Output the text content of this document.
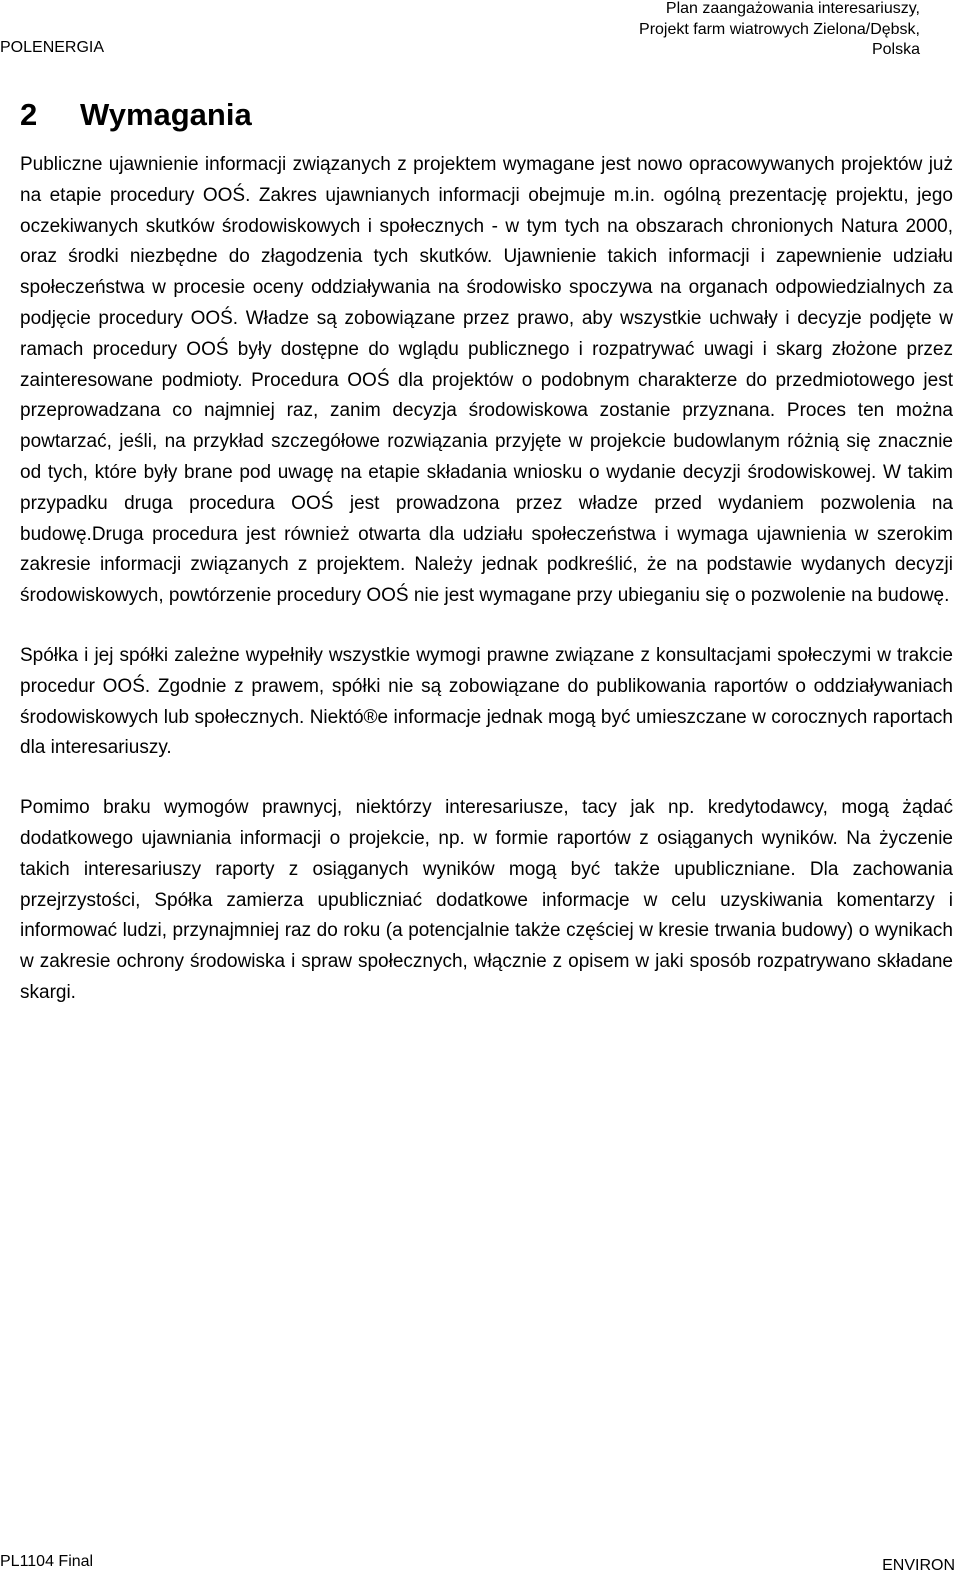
POLENERGIA
Plan zaangażowania interesariuszy,
Projekt farm wiatrowych Zielona/Dębsk,
Polska
2 Wymagania

Publiczne ujawnienie informacji związanych z projektem wymagane jest nowo opracowywanych projektów już na etapie procedury OOŚ. Zakres ujawnianych informacji obejmuje m.in. ogólną prezentację projektu, jego oczekiwanych skutków środowiskowych i społecznych - w tym tych na obszarach chronionych Natura 2000, oraz środki niezbędne do złagodzenia tych skutków. Ujawnienie takich informacji i zapewnienie udziału społeczeństwa w procesie oceny oddziaływania na środowisko spoczywa na organach odpowiedzialnych za podjęcie procedury OOŚ. Władze są zobowiązane przez prawo, aby wszystkie uchwały i decyzje podjęte w ramach procedury OOŚ były dostępne do wglądu publicznego i rozpatrywać uwagi i skarg złożone przez zainteresowane podmioty. Procedura OOŚ dla projektów o podobnym charakterze do przedmiotowego jest przeprowadzana co najmniej raz, zanim decyzja środowiskowa zostanie przyznana. Proces ten można powtarzać, jeśli, na przykład szczegółowe rozwiązania przyjęte w projekcie budowlanym różnią się znacznie od tych, które były brane pod uwagę na etapie składania wniosku o wydanie decyzji środowiskowej. W takim przypadku druga procedura OOŚ jest prowadzona przez władze przed wydaniem pozwolenia na budowę.Druga procedura jest również otwarta dla udziału społeczeństwa i wymaga ujawnienia w szerokim zakresie informacji związanych z projektem. Należy jednak podkreślić, że na podstawie wydanych decyzji środowiskowych, powtórzenie procedury OOŚ nie jest wymagane przy ubieganiu się o pozwolenie na budowę.

Spółka i jej spółki zależne wypełniły wszystkie wymogi prawne związane z konsultacjami społeczymi w trakcie procedur OOŚ. Zgodnie z prawem, spółki nie są zobowiązane do publikowania raportów o oddziaływaniach środowiskowych lub społecznych. Niektó®e informacje jednak mogą być umieszczane w corocznych raportach dla interesariuszy.

Pomimo braku wymogów prawnycj, niektórzy interesariusze, tacy jak np. kredytodawcy, mogą żądać dodatkowego ujawniania informacji o projekcie, np. w formie raportów z osiąganych wyników. Na życzenie takich interesariuszy raporty z osiąganych wyników mogą być także upubliczniane. Dla zachowania przejrzystości, Spółka zamierza upubliczniać dodatkowe informacje w celu uzyskiwania komentarzy i informować ludzi, przynajmniej raz do roku (a potencjalnie także częściej w kresie trwania budowy) o wynikach w zakresie ochrony środowiska i spraw społecznych, włącznie z opisem w jaki sposób rozpatrywano składane skargi.

PL1104 Final	ENVIRON
